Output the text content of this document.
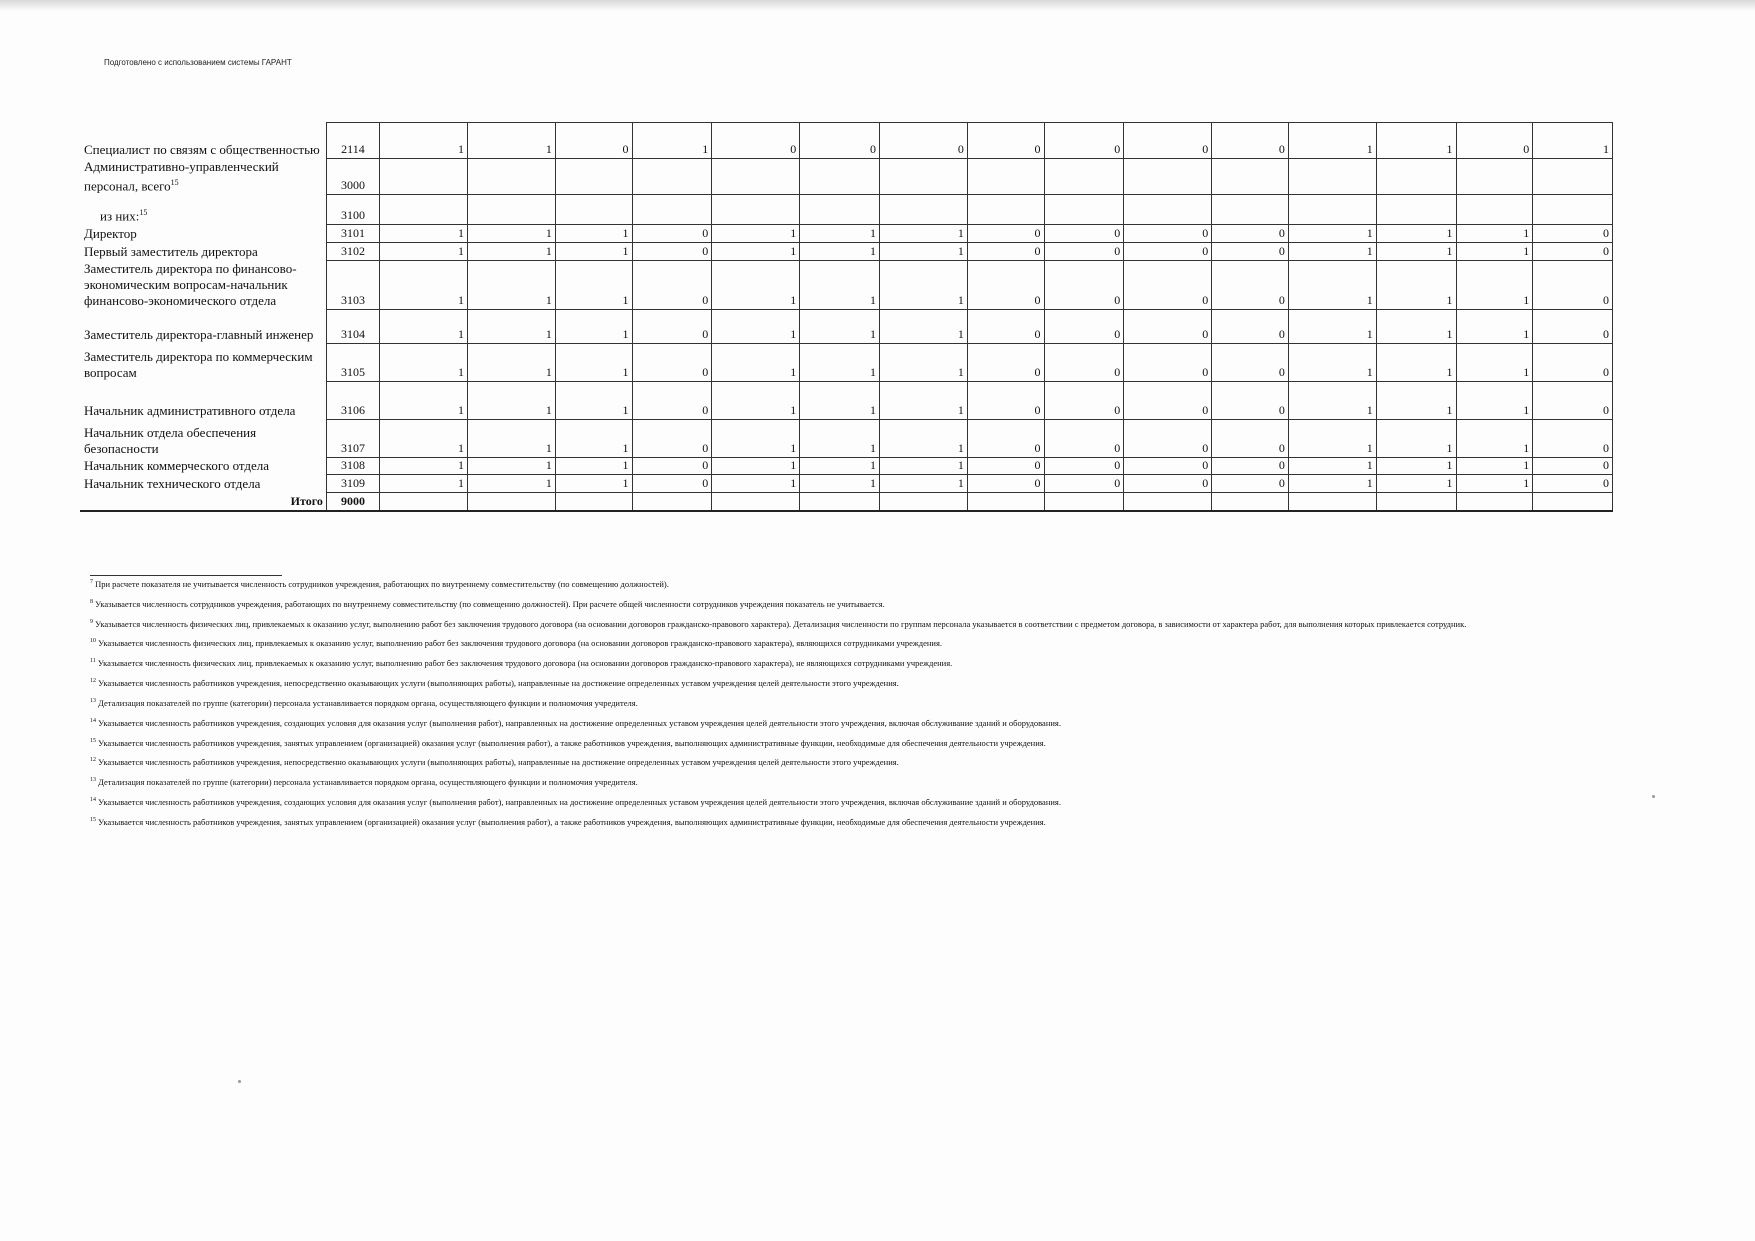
Подготовлено с использованием системы ГАРАНТ
Специалист по связям с общественностью	2114	1	1	0	1	0	0	0	0	0	0	0	1	1	0	1
Административно-управленческий персонал, всего$^{15}$	3000															
из них:$^{15}$	3100															
Директор	3101	1	1	1	0	1	1	1	0	0	0	0	1	1	1	0
Первый заместитель директора	3102	1	1	1	0	1	1	1	0	0	0	0	1	1	1	0
Заместитель директора по финансово-экономическим вопросам-начальник финансово-экономического отдела	3103	1	1	1	0	1	1	1	0	0	0	0	1	1	1	0
Заместитель директора-главный инженер	3104	1	1	1	0	1	1	1	0	0	0	0	1	1	1	0
Заместитель директора по коммерческим вопросам	3105	1	1	1	0	1	1	1	0	0	0	0	1	1	1	0
Начальник административного отдела	3106	1	1	1	0	1	1	1	0	0	0	0	1	1	1	0
Начальник отдела обеспечения безопасности	3107	1	1	1	0	1	1	1	0	0	0	0	1	1	1	0
Начальник коммерческого отдела	3108	1	1	1	0	1	1	1	0	0	0	0	1	1	1	0
Начальник технического отдела	3109	1	1	1	0	1	1	1	0	0	0	0	1	1	1	0
Итого	9000															

$^7$ При расчете показателя не учитывается численность сотрудников учреждения, работающих по внутреннему совместительству (по совмещению должностей).

$^8$ Указывается численность сотрудников учреждения, работающих по внутреннему совместительству (по совмещению должностей). При расчете общей численности сотрудников учреждения показатель не учитывается.

$^9$ Указывается численность физических лиц, привлекаемых к оказанию услуг, выполнению работ без заключения трудового договора (на основании договоров гражданско-правового характера). Детализация численности по группам персонала указывается в соответствии с предметом договора, в зависимости от характера работ, для выполнения которых привлекается сотрудник.

$^{10}$ Указывается численность физических лиц, привлекаемых к оказанию услуг, выполнению работ без заключения трудового договора (на основании договоров гражданско-правового характера), являющихся сотрудниками учреждения.

$^{11}$ Указывается численность физических лиц, привлекаемых к оказанию услуг, выполнению работ без заключения трудового договора (на основании договоров гражданско-правового характера), не являющихся сотрудниками учреждения.

$^{12}$ Указывается численность работников учреждения, непосредственно оказывающих услуги (выполняющих работы), направленные на достижение определенных уставом учреждения целей деятельности этого учреждения.

$^{13}$ Детализация показателей по группе (категории) персонала устанавливается порядком органа, осуществляющего функции и полномочия учредителя.

$^{14}$ Указывается численность работников учреждения, создающих условия для оказания услуг (выполнения работ), направленных на достижение определенных уставом учреждения целей деятельности этого учреждения, включая обслуживание зданий и оборудования.

$^{15}$ Указывается численность работников учреждения, занятых управлением (организацией) оказания услуг (выполнения работ), а также работников учреждения, выполняющих административные функции, необходимые для обеспечения деятельности учреждения.

$^{12}$ Указывается численность работников учреждения, непосредственно оказывающих услуги (выполняющих работы), направленные на достижение определенных уставом учреждения целей деятельности этого учреждения.

$^{13}$ Детализация показателей по группе (категории) персонала устанавливается порядком органа, осуществляющего функции и полномочия учредителя.

$^{14}$ Указывается численность работников учреждения, создающих условия для оказания услуг (выполнения работ), направленных на достижение определенных уставом учреждения целей деятельности этого учреждения, включая обслуживание зданий и оборудования.

$^{15}$ Указывается численность работников учреждения, занятых управлением (организацией) оказания услуг (выполнения работ), а также работников учреждения, выполняющих административные функции, необходимые для обеспечения деятельности учреждения.
